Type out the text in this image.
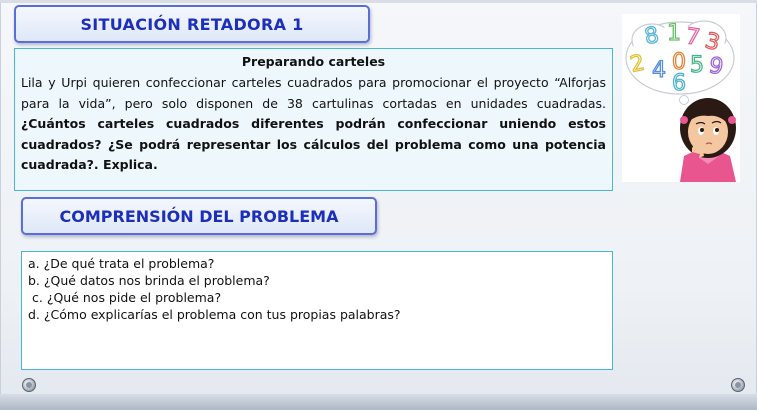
SITUACIÓN RETADORA 1
Preparando carteles

Lila y Urpi quieren confeccionar carteles cuadrados para promocionar el proyecto “Alforjas para la vida”, pero solo disponen de 38 cartulinas cortadas en unidades cuadradas. ¿Cuántos carteles cuadrados diferentes podrán confeccionar uniendo estos cuadrados? ¿Se podrá representar los cálculos del problema como una potencia cuadrada?. Explica.

COMPRENSIÓN DEL PROBLEMA
a. ¿De qué trata el problema?
b. ¿Qué datos nos brinda el problema?
c. ¿Qué nos pide el problema?
d. ¿Cómo explicarías el problema con tus propias palabras?
8 1 7 3
2 4 0 5 9
6
